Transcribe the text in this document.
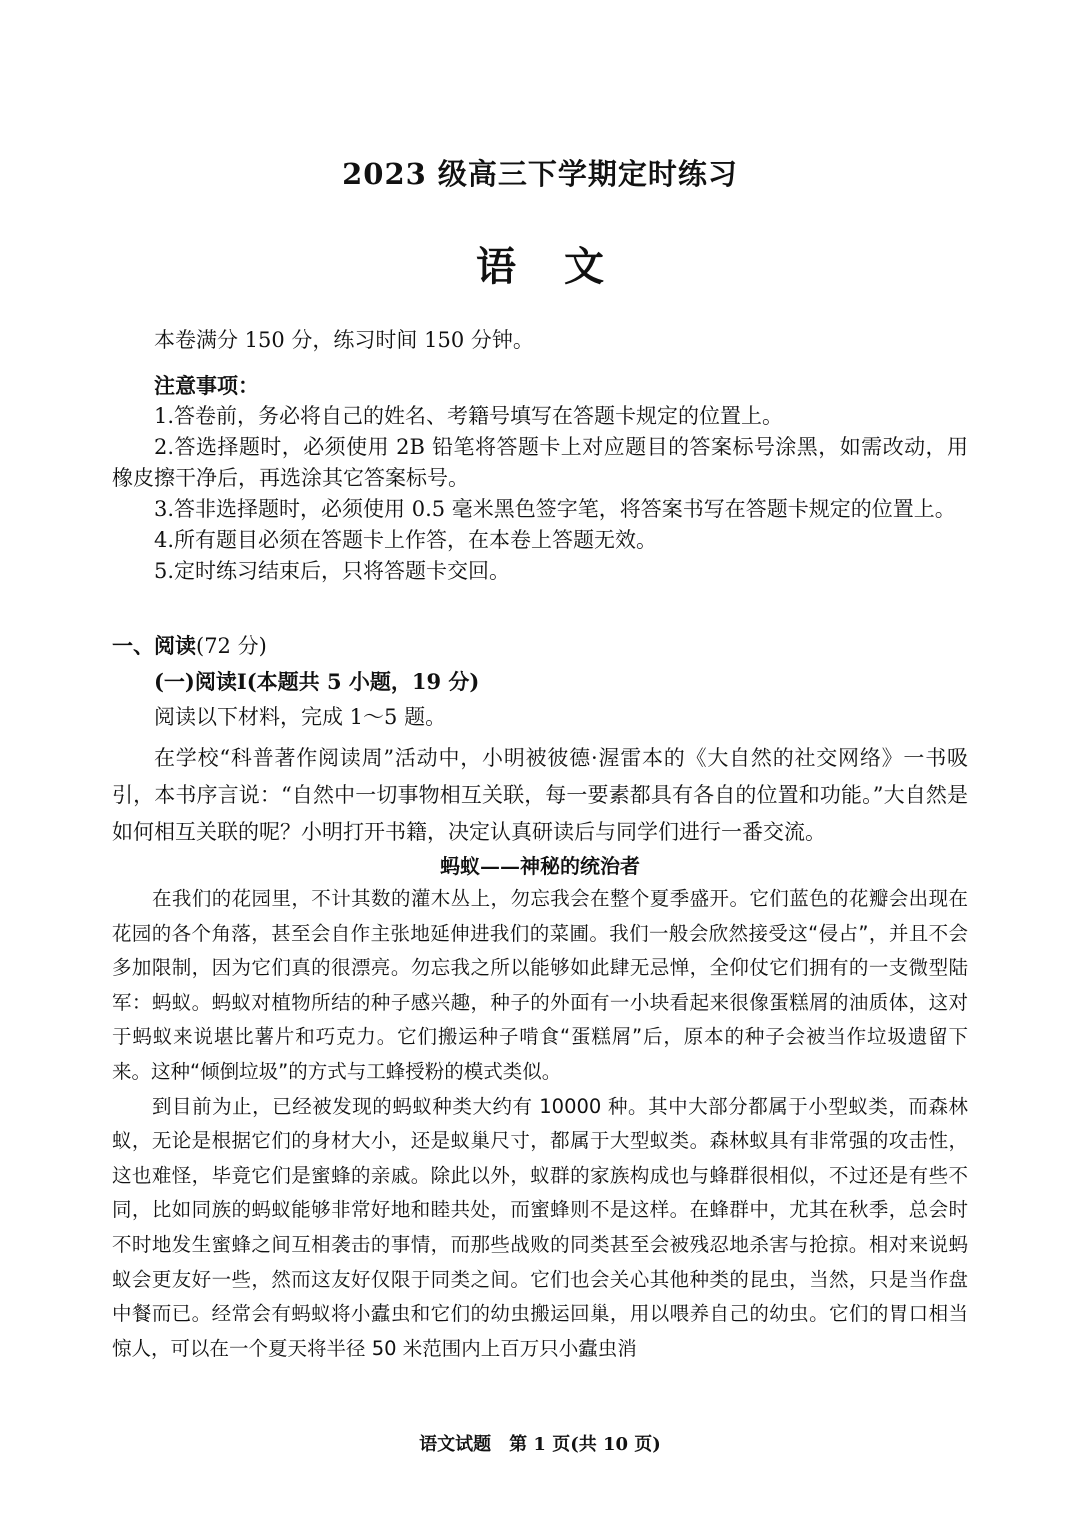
2023 级高三下学期定时练习
语文
本卷满分 150 分，练习时间 150 分钟。

注意事项：

1.答卷前，务必将自己的姓名、考籍号填写在答题卡规定的位置上。

2.答选择题时，必须使用 2B 铅笔将答题卡上对应题目的答案标号涂黑，如需改动，用橡皮擦干净后，再选涂其它答案标号。

3.答非选择题时，必须使用 0.5 毫米黑色签字笔，将答案书写在答题卡规定的位置上。

4.所有题目必须在答题卡上作答，在本卷上答题无效。

5.定时练习结束后，只将答题卡交回。

一、阅读(72 分)
(一)阅读Ⅰ(本题共 5 小题，19 分)

阅读以下材料，完成 1～5 题。

在学校“科普著作阅读周”活动中，小明被彼德·渥雷本的《大自然的社交网络》一书吸引，本书序言说：“自然中一切事物相互关联，每一要素都具有各自的位置和功能。”大自然是如何相互关联的呢？小明打开书籍，决定认真研读后与同学们进行一番交流。

蚂蚁——神秘的统治者

在我们的花园里，不计其数的灌木丛上，勿忘我会在整个夏季盛开。它们蓝色的花瓣会出现在花园的各个角落，甚至会自作主张地延伸进我们的菜圃。我们一般会欣然接受这“侵占”，并且不会多加限制，因为它们真的很漂亮。勿忘我之所以能够如此肆无忌惮，全仰仗它们拥有的一支微型陆军：蚂蚁。蚂蚁对植物所结的种子感兴趣，种子的外面有一小块看起来很像蛋糕屑的油质体，这对于蚂蚁来说堪比薯片和巧克力。它们搬运种子啃食“蛋糕屑”后，原本的种子会被当作垃圾遗留下来。这种“倾倒垃圾”的方式与工蜂授粉的模式类似。

到目前为止，已经被发现的蚂蚁种类大约有 10000 种。其中大部分都属于小型蚁类，而森林蚁，无论是根据它们的身材大小，还是蚁巢尺寸，都属于大型蚁类。森林蚁具有非常强的攻击性，这也难怪，毕竟它们是蜜蜂的亲戚。除此以外，蚁群的家族构成也与蜂群很相似，不过还是有些不同，比如同族的蚂蚁能够非常好地和睦共处，而蜜蜂则不是这样。在蜂群中，尤其在秋季，总会时不时地发生蜜蜂之间互相袭击的事情，而那些战败的同类甚至会被残忍地杀害与抢掠。相对来说蚂蚁会更友好一些，然而这友好仅限于同类之间。它们也会关心其他种类的昆虫，当然，只是当作盘中餐而已。经常会有蚂蚁将小蠹虫和它们的幼虫搬运回巢，用以喂养自己的幼虫。它们的胃口相当惊人，可以在一个夏天将半径 50 米范围内上百万只小蠹虫消

语文试题　第 1 页(共 10 页)
